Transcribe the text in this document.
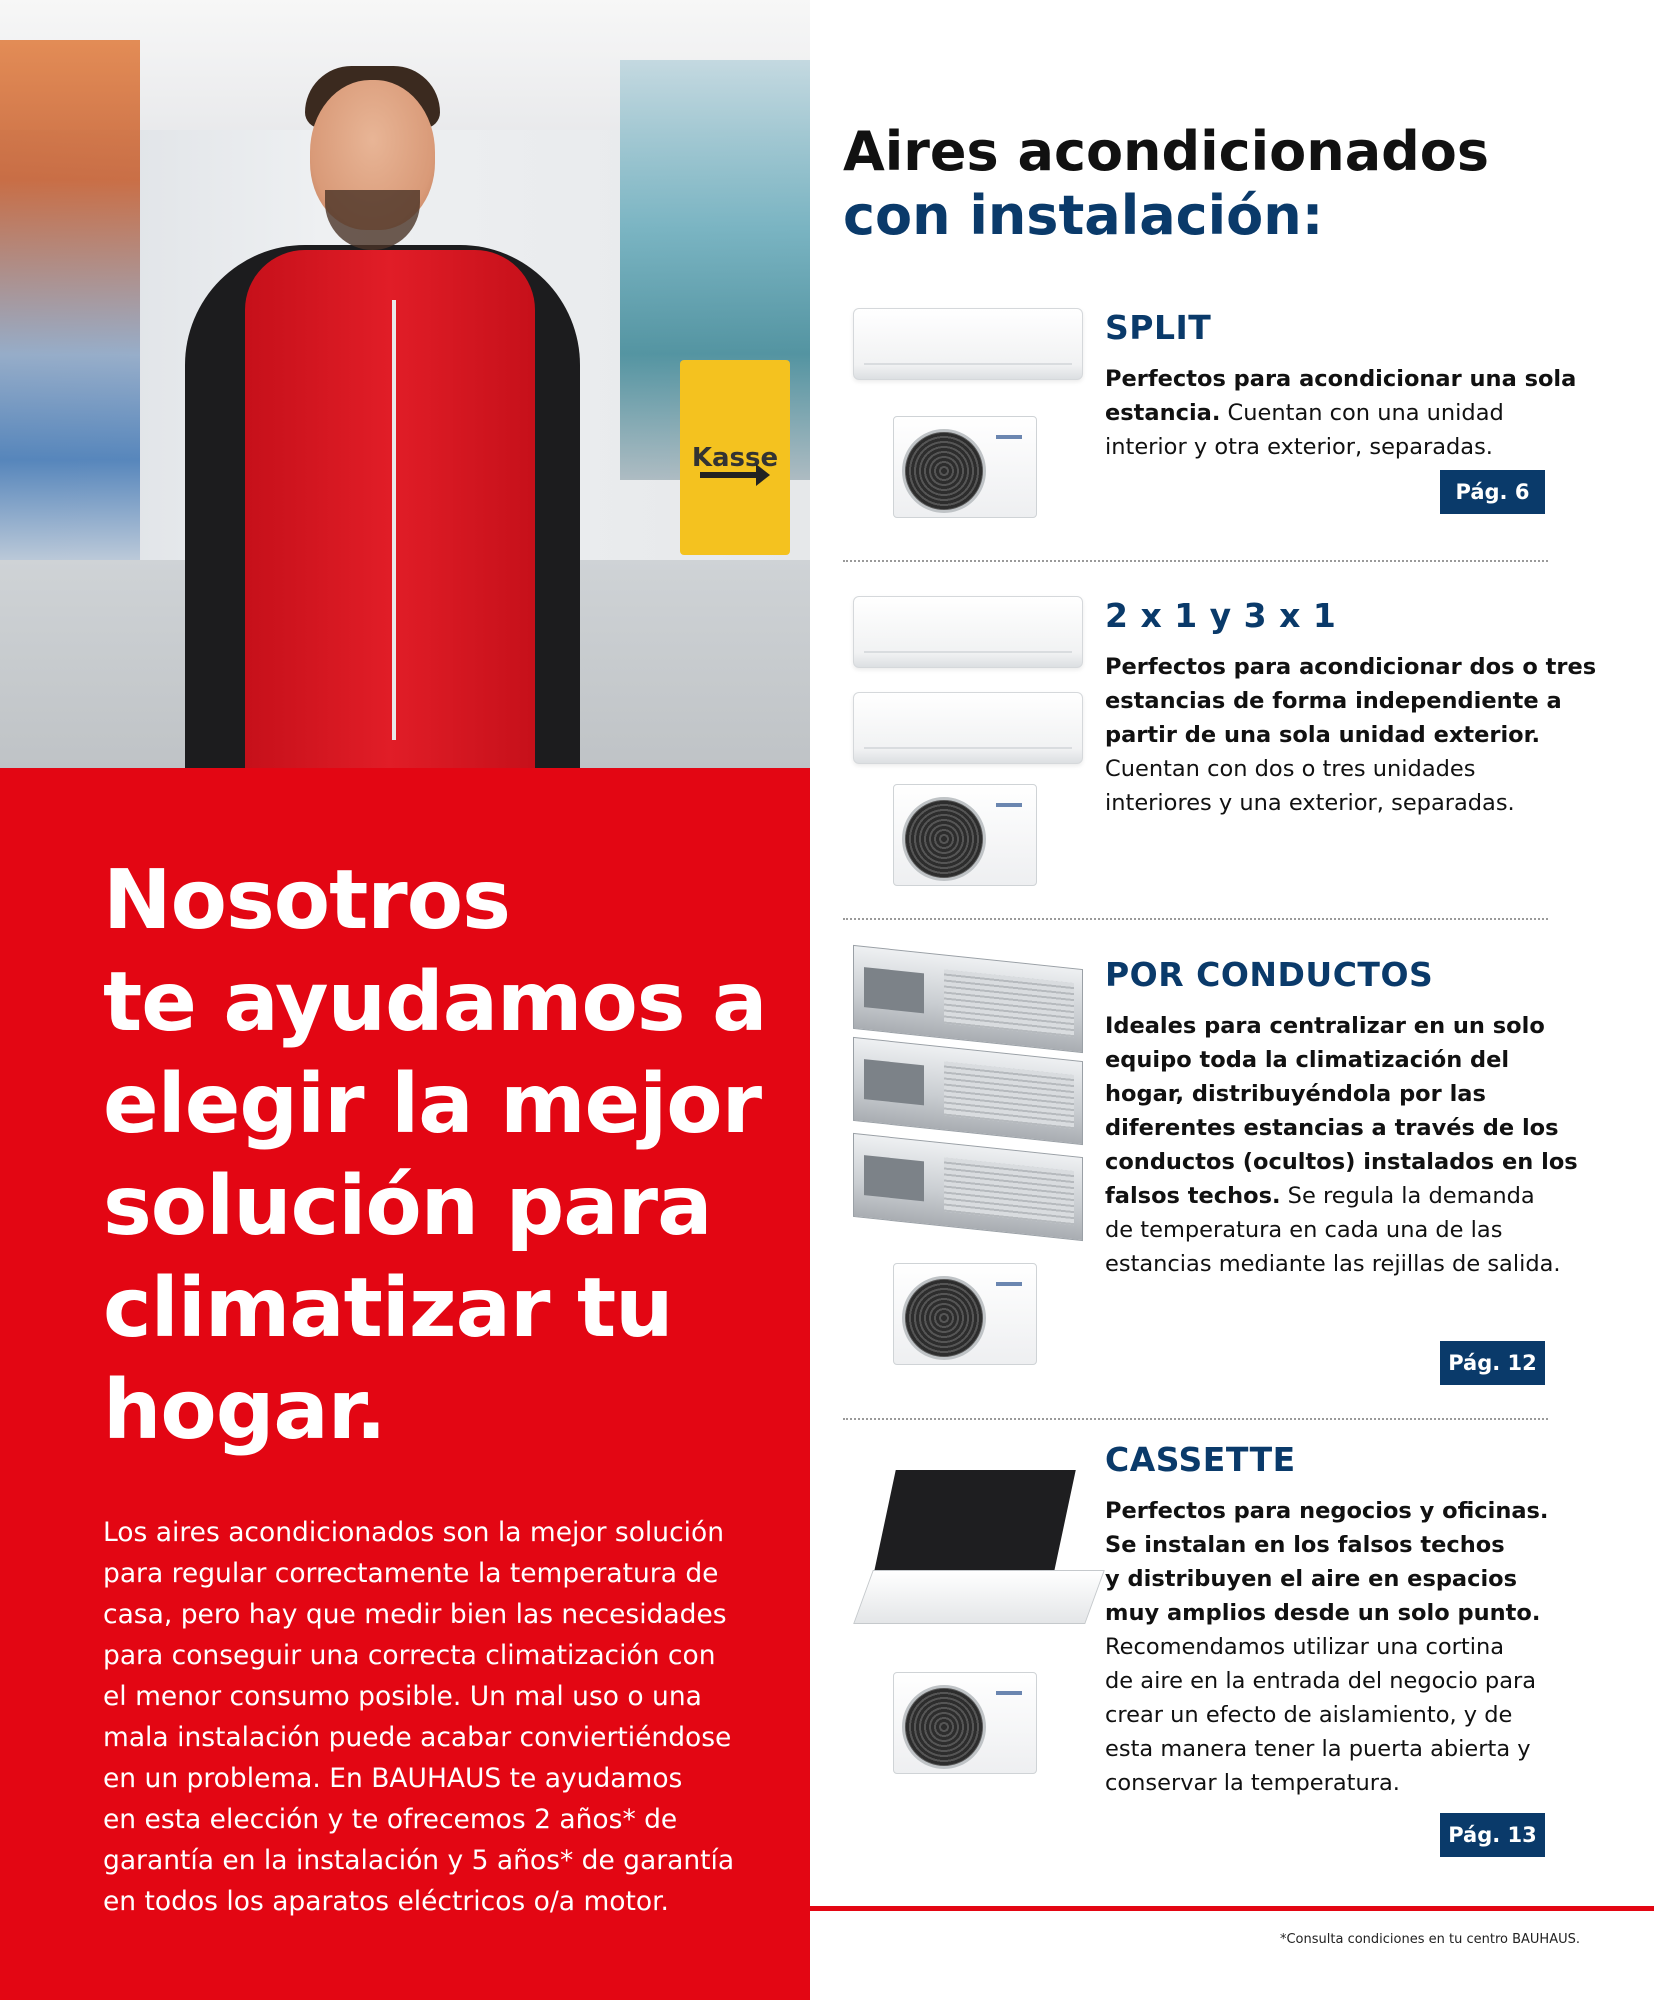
Kasse
Nosotros
te ayudamos a
elegir la mejor
solución para
climatizar tu
hogar.
Los aires acondicionados son la mejor solución
para regular correctamente la temperatura de
casa, pero hay que medir bien las necesidades
para conseguir una correcta climatización con
el menor consumo posible. Un mal uso o una
mala instalación puede acabar conviertiéndose
en un problema. En BAUHAUS te ayudamos
en esta elección y te ofrecemos 2 años* de
garantía en la instalación y 5 años* de garantía
en todos los aparatos eléctricos o/a motor.
Aires acondicionados
con instalación:
SPLIT
Perfectos para acondicionar una sola
estancia. Cuentan con una unidad
interior y otra exterior, separadas.
Pág. 6
2 x 1 y 3 x 1
Perfectos para acondicionar dos o tres
estancias de forma independiente a
partir de una sola unidad exterior.
Cuentan con dos o tres unidades
interiores y una exterior, separadas.
POR CONDUCTOS
Ideales para centralizar en un solo
equipo toda la climatización del
hogar, distribuyéndola por las
diferentes estancias a través de los
conductos (ocultos) instalados en los
falsos techos. Se regula la demanda
de temperatura en cada una de las
estancias mediante las rejillas de salida.
Pág. 12
CASSETTE
Perfectos para negocios y oficinas.
Se instalan en los falsos techos
y distribuyen el aire en espacios
muy amplios desde un solo punto.
Recomendamos utilizar una cortina
de aire en la entrada del negocio para
crear un efecto de aislamiento, y de
esta manera tener la puerta abierta y
conservar la temperatura.
Pág. 13
*Consulta condiciones en tu centro BAUHAUS.
